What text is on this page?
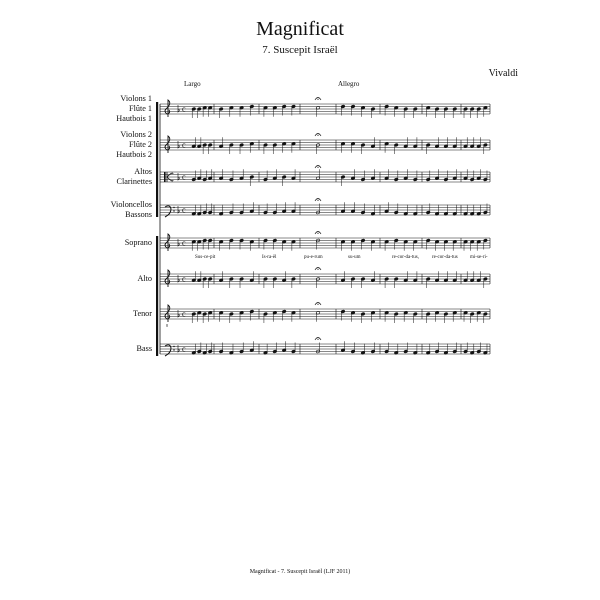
Magnificat
7. Suscepit Israël
Vivaldi
Largo	Allegro
Violons 1
Flûte 1
Hautbois 1
Violons 2
Flûte 2
Hautbois 2
Altos
Clarinettes
Violoncellos
Bassons
Soprano
Alto
Tenor
Bass
c
c
c
c
c
c
8
c
c
Sus-ce-pit	Is-ra-ël	pu-e-rum	su-um	re-cor-da-tus,	re-cor-da-tus mi-se-ri-
Magnificat - 7. Suscepit Israël (LJF 2011)
